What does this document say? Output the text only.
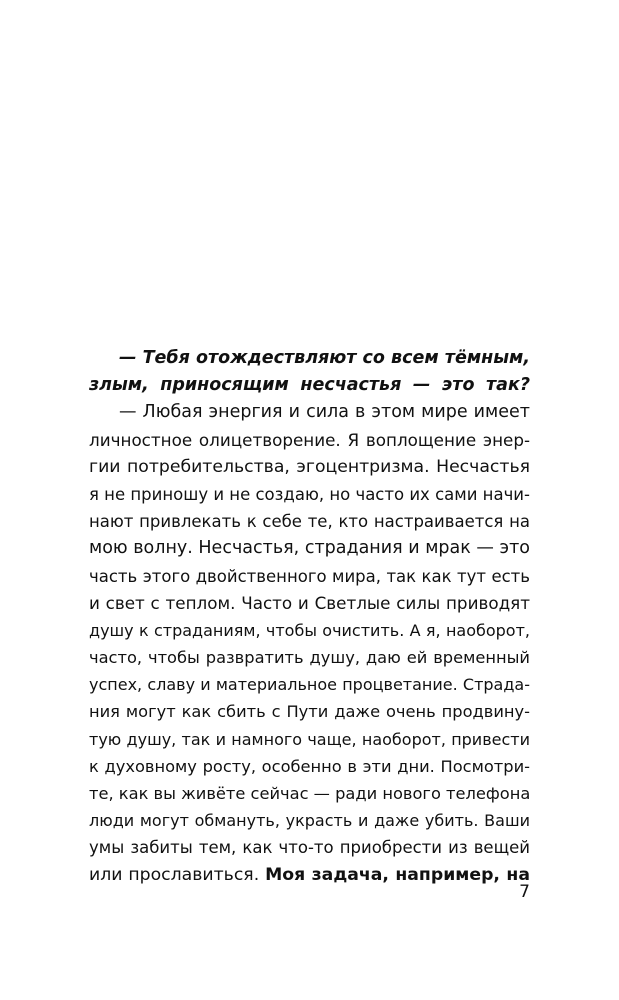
— Тебя отождествляют со всем тёмным,
злым, приносящим несчастья — это так?
— Любая энергия и сила в этом мире имеет
личностное олицетворение. Я воплощение энер-
гии потребительства, эгоцентризма. Несчастья
я не приношу и не создаю, но часто их сами начи-
нают привлекать к себе те, кто настраивается на
мою волну. Несчастья, страдания и мрак — это
часть этого двойственного мира, так как тут есть
и свет с теплом. Часто и Светлые силы приводят
душу к страданиям, чтобы очистить. А я, наоборот,
часто, чтобы развратить душу, даю ей временный
успех, славу и материальное процветание. Страда-
ния могут как сбить с Пути даже очень продвину-
тую душу, так и намного чаще, наоборот, привести
к духовному росту, особенно в эти дни. Посмотри-
те, как вы живёте сейчас — ради нового телефона
люди могут обмануть, украсть и даже убить. Ваши
умы забиты тем, как что-то приобрести из вещей
или прославиться. Моя задача, например, на
7
